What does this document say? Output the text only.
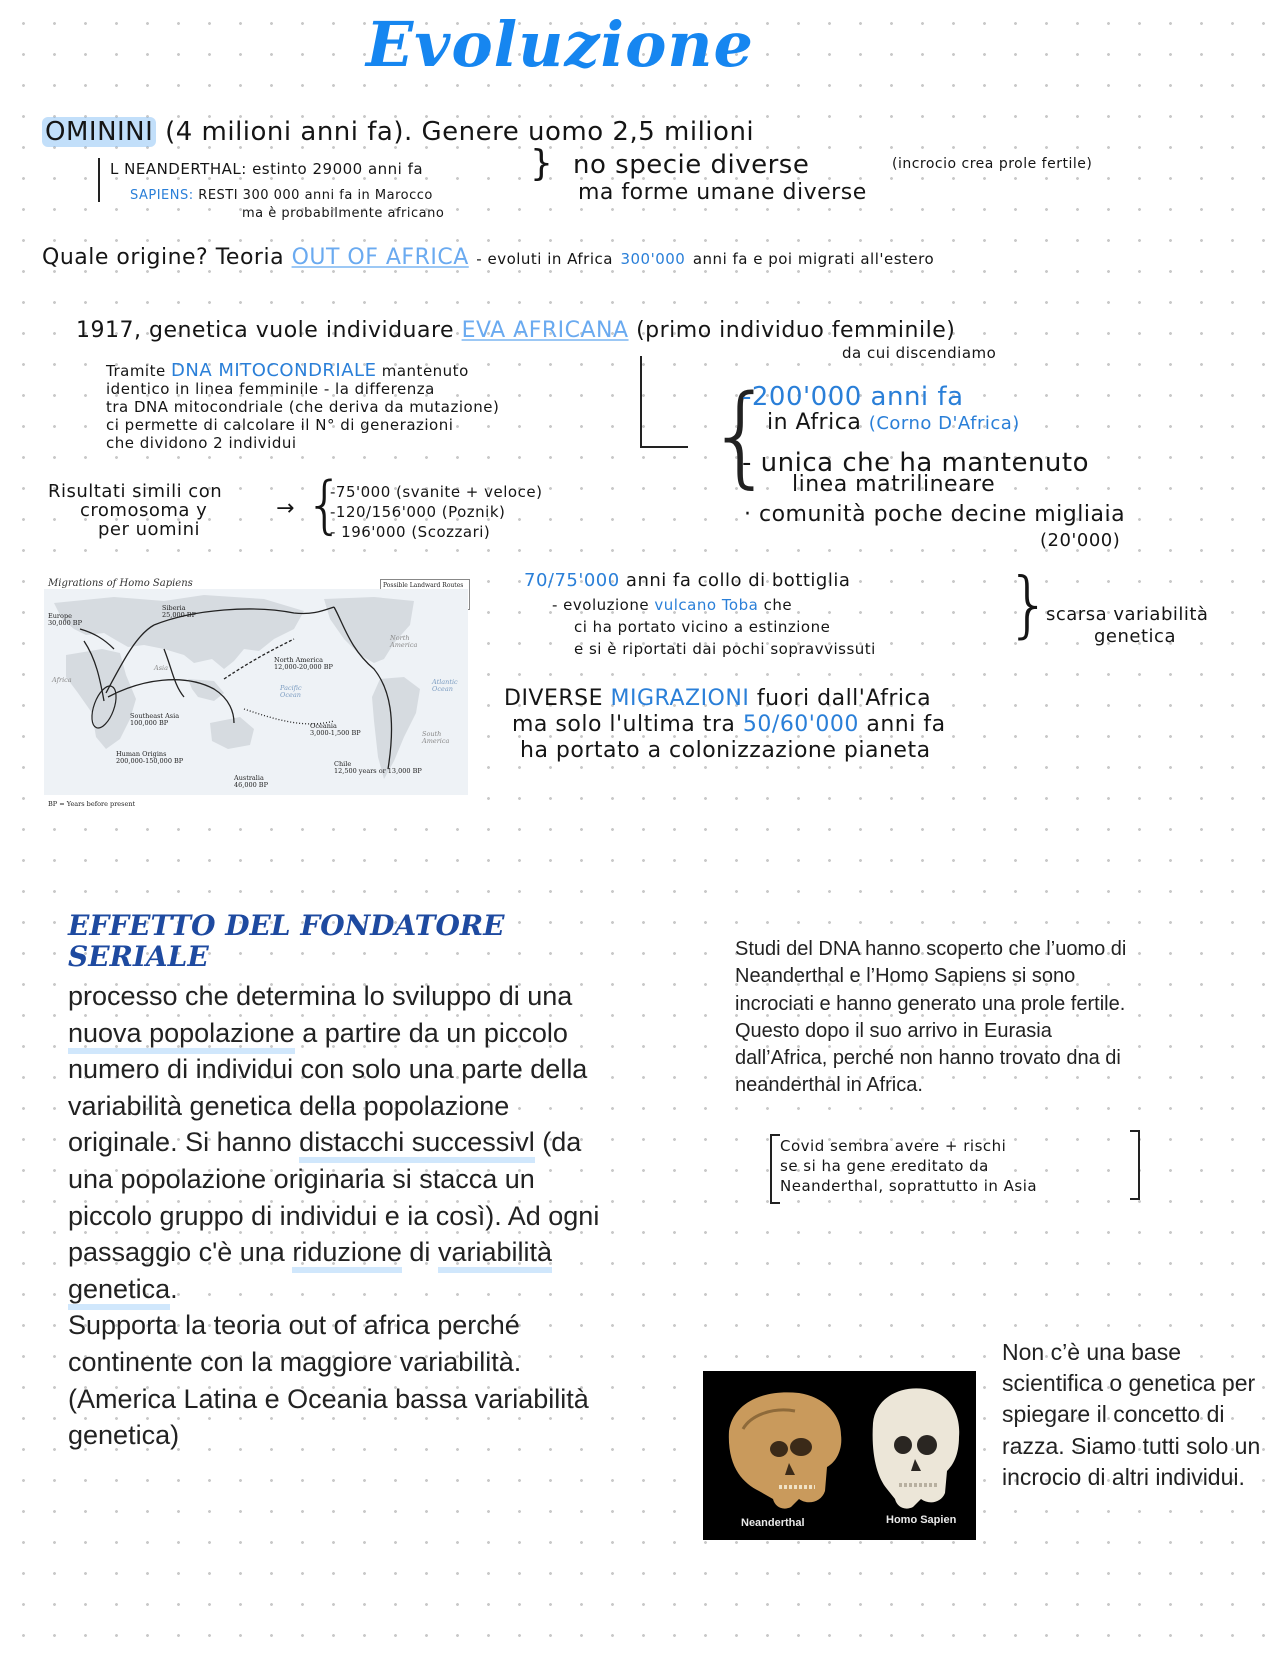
Evoluzione
OMININI (4 milioni anni fa). Genere uomo 2,5 milioni
L NEANDERTHAL: estinto 29000 anni fa
SAPIENS: RESTI 300 000 anni fa in Marocco
ma è probabilmente africano
} no specie diverse	(incrocio crea prole fertile)
ma forme umane diverse
Quale origine? Teoria OUT OF AFRICA - evoluti in Africa 300'000 anni fa e poi migrati all'estero
1917, genetica vuole individuare EVA AFRICANA (primo individuo femminile)
da cui discendiamo
Tramite DNA MITOCONDRIALE mantenuto
identico in linea femminile - la differenza
tra DNA mitocondriale (che deriva da mutazione)
ci permette di calcolare il N° di generazioni
che dividono 2 individui	{
-200'000 anni fa
in Africa (Corno D'Africa)
- unica che ha mantenuto
linea matrilineare
· comunità poche decine migliaia
(20'000)
Risultati simili con
cromosoma y
per uomini
→ {
-75'000 (svanite + veloce)
-120/156'000 (Poznik)
- 196'000 (Scozzari)
Migrations of Homo Sapiens	Possible Landward Routes
Europe
30,000 BP
Siberia
25,000 BP
North America
12,000-20,000 BP
Southeast Asia
100,000 BP
Human Origins
200,000-150,000 BP
Oceania
3,000-1,500 BP
Australia
46,000 BP
Chile
12,500 years or 13,000 BP
Asia
Africa
North
America
South
America
Pacific
Ocean
Atlantic
Ocean
BP = Years before present
70/75'000 anni fa collo di bottiglia
- evoluzione vulcano Toba che
ci ha portato vicino a estinzione
e si è riportati dai pochi sopravvissuti
}
scarsa variabilità
genetica
DIVERSE MIGRAZIONI fuori dall'Africa
ma solo l'ultima tra 50/60'000 anni fa
ha portato a colonizzazione pianeta
EFFETTO DEL FONDATORE SERIALE
processo che determina lo sviluppo di una nuova popolazione a partire da un piccolo numero di individui con solo una parte della variabilità genetica della popolazione originale. Si hanno distacchi successivl (da una popolazione originaria si stacca un piccolo gruppo di individui e ia così). Ad ogni passaggio c'è una riduzione di variabilità genetica.
Supporta la teoria out of africa perché continente con la maggiore variabilità. (America Latina e Oceania bassa variabilità genetica)
Studi del DNA hanno scoperto che l’uomo di Neanderthal e l’Homo Sapiens si sono incrociati e hanno generato una prole fertile. Questo dopo il suo arrivo in Eurasia dall’Africa, perché non hanno trovato dna di neanderthal in Africa.
Covid sembra avere + rischi
se si ha gene ereditato da
Neanderthal, soprattutto in Asia
Neanderthal	Homo Sapien
Non c’è una base scientifica o genetica per spiegare il concetto di razza. Siamo tutti solo un incrocio di altri individui.
